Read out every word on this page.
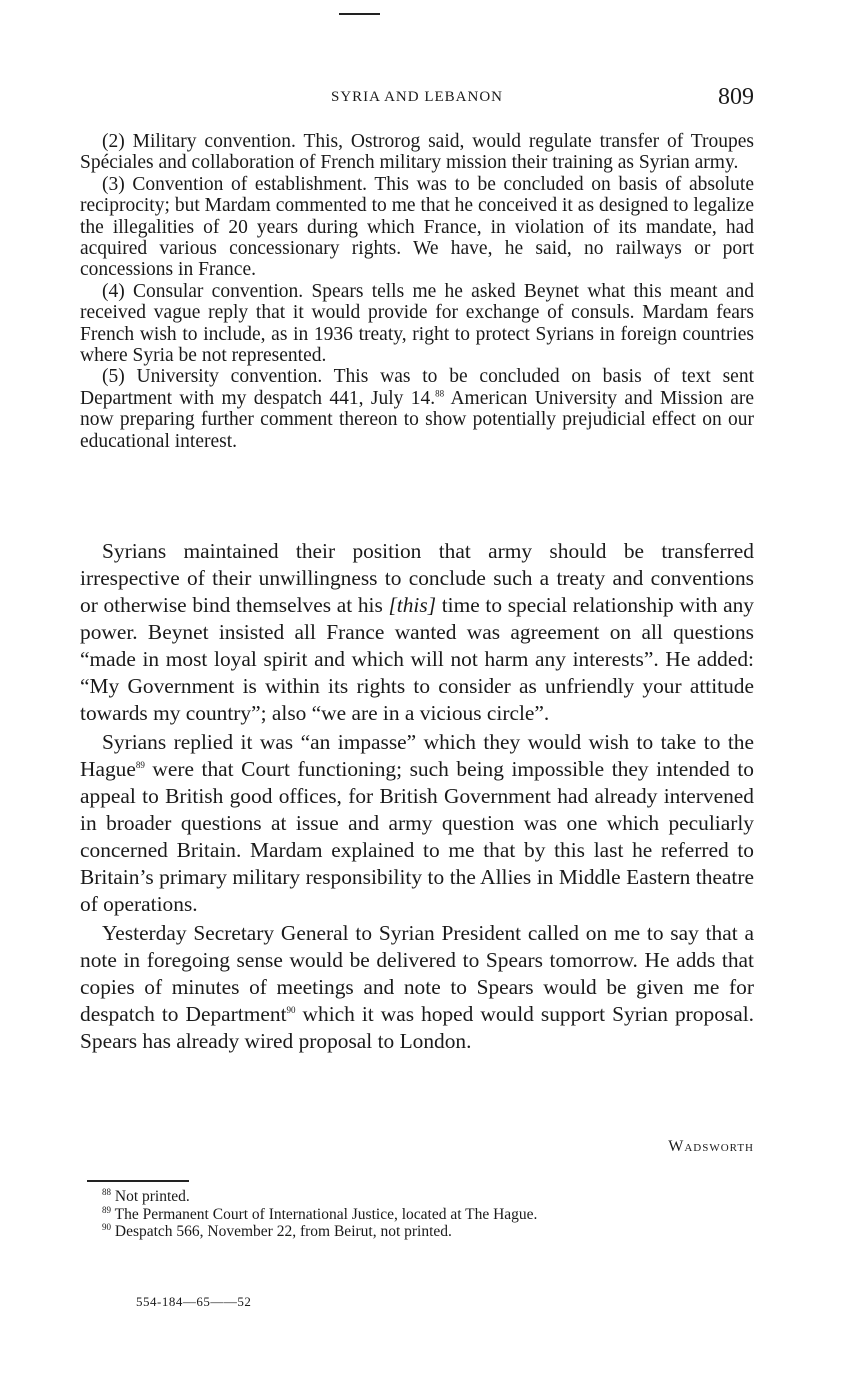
SYRIA AND LEBANON	809

(2) Military convention. This, Ostrorog said, would regulate transfer of Troupes Spéciales and collaboration of French military mission their training as Syrian army.

(3) Convention of establishment. This was to be concluded on basis of absolute reciprocity; but Mardam commented to me that he conceived it as designed to legalize the illegalities of 20 years during which France, in violation of its mandate, had acquired various concessionary rights. We have, he said, no railways or port concessions in France.

(4) Consular convention. Spears tells me he asked Beynet what this meant and received vague reply that it would provide for exchange of consuls. Mardam fears French wish to include, as in 1936 treaty, right to protect Syrians in foreign countries where Syria be not represented.

(5) University convention. This was to be concluded on basis of text sent Department with my despatch 441, July 14.88 American University and Mission are now preparing further comment thereon to show potentially prejudicial effect on our educational interest.

Syrians maintained their position that army should be transferred irrespective of their unwillingness to conclude such a treaty and conventions or otherwise bind themselves at his [this] time to special relationship with any power. Beynet insisted all France wanted was agreement on all questions “made in most loyal spirit and which will not harm any interests”. He added: “My Government is within its rights to consider as unfriendly your attitude towards my country”; also “we are in a vicious circle”.

Syrians replied it was “an impasse” which they would wish to take to the Hague$^{89}$ were that Court functioning; such being impossible they intended to appeal to British good offices, for British Government had already intervened in broader questions at issue and army question was one which peculiarly concerned Britain. Mardam explained to me that by this last he referred to Britain’s primary military responsibility to the Allies in Middle Eastern theatre of operations.

Yesterday Secretary General to Syrian President called on me to say that a note in foregoing sense would be delivered to Spears tomorrow. He adds that copies of minutes of meetings and note to Spears would be given me for despatch to Department$^{90}$ which it was hoped would support Syrian proposal. Spears has already wired proposal to London.

Wadsworth
$^{88}$ Not printed.
$^{89}$ The Permanent Court of International Justice, located at The Hague.
$^{90}$ Despatch 566, November 22, from Beirut, not printed.
554-184—65——52
